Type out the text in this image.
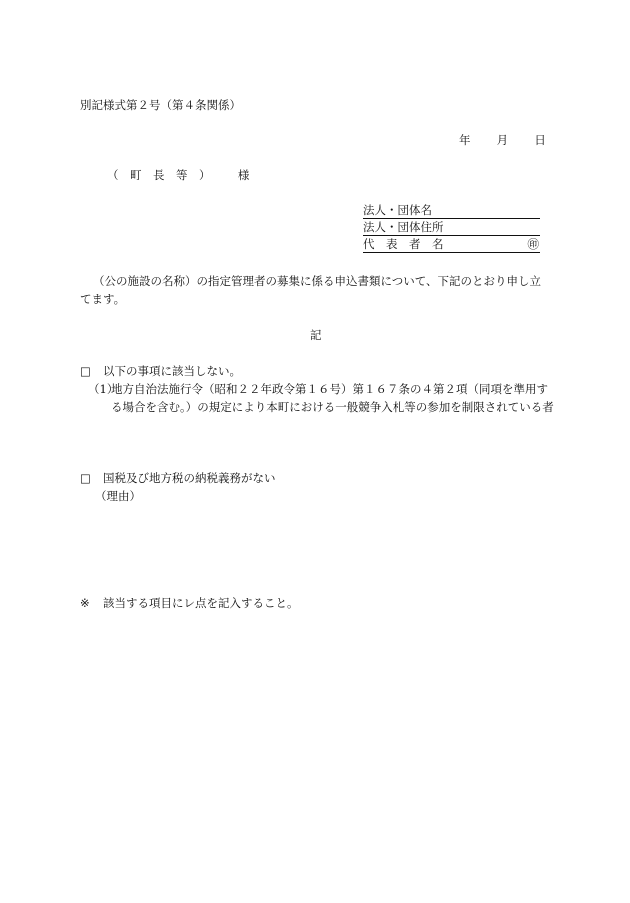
別記様式第２号（第４条関係）
年 月 日
（　町　長　等　） 様
法人・団体名
法人・団体住所
代　表　者　名	㊞
（公の施設の名称）の指定管理者の募集に係る申込書類について、下記のとおり申し立
てます。
記
□ 以下の事項に該当しない。
（1）
地方自治法施行令（昭和２２年政令第１６号）第１６７条の４第２項（同項を準用する場合を含む。）の規定により本町における一般競争入札等の参加を制限されている者
□ 国税及び地方税の納税義務がない
（理由）
※ 該当する項目にレ点を記入すること。
